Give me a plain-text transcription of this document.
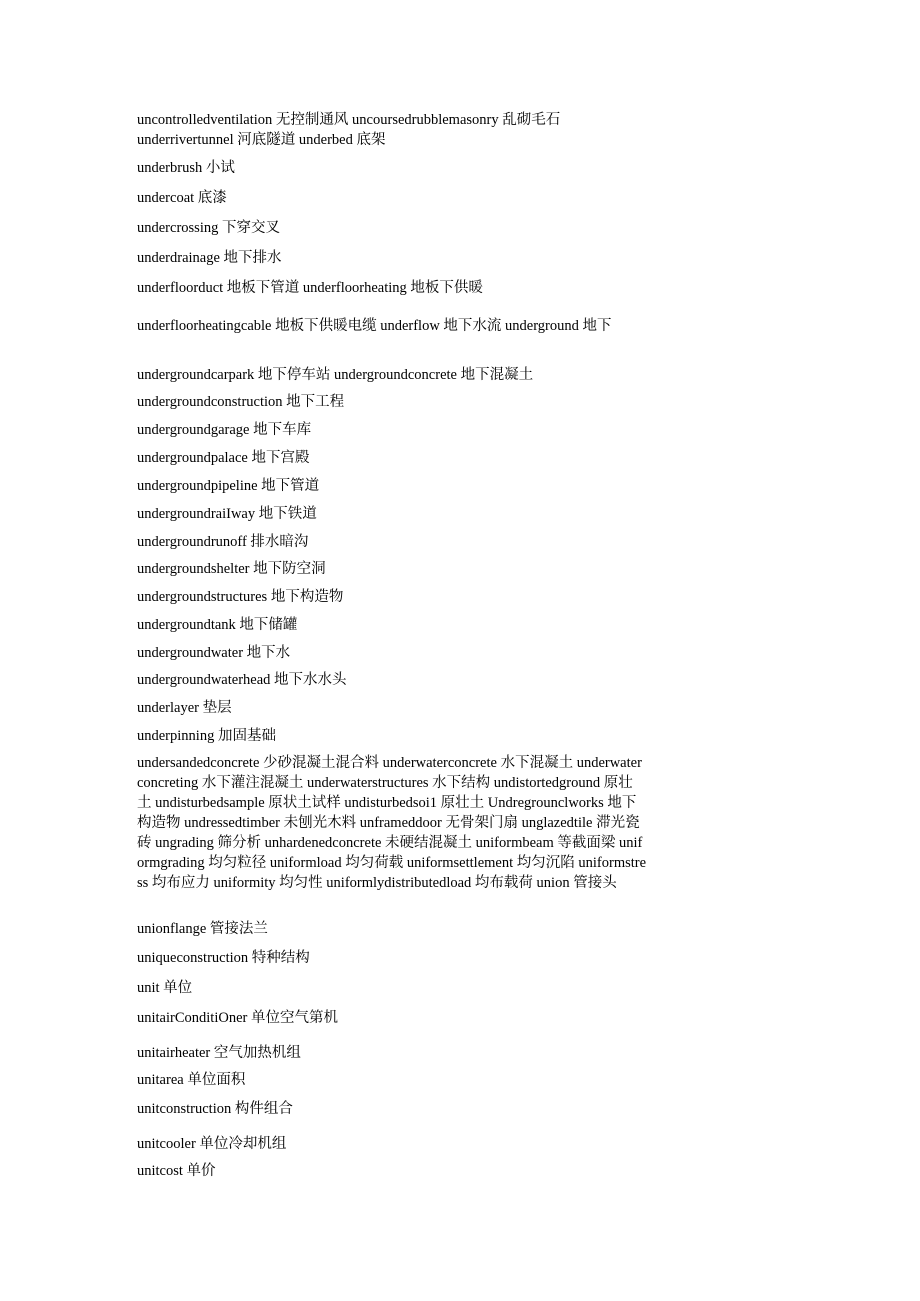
uncontrolledventilation 无控制通风 uncoursedrubblemasonry 乱砌毛石
underrivertunnel 河底隧道 underbed 底架
underbrush 小试
undercoat 底漆
undercrossing 下穿交叉
underdrainage 地下排水
underfloorduct 地板下管道 underfloorheating 地板下供暖
underfloorheatingcable 地板下供暖电缆 underflow 地下水流 underground 地下
undergroundcarpark 地下停车站 undergroundconcrete 地下混凝土
undergroundconstruction 地下工程
undergroundgarage 地下车库
undergroundpalace 地下宫殿
undergroundpipeline 地下管道
undergroundraiIway 地下铁道
undergroundrunoff 排水暗沟
undergroundshelter 地下防空洞
undergroundstructures 地下构造物
undergroundtank 地下储罐
undergroundwater 地下水
undergroundwaterhead 地下水水头
underlayer 垫层
underpinning 加固基础
undersandedconcrete 少砂混凝土混合料 underwaterconcrete 水下混凝土 underwaterconcreting 水下灌注混凝土 underwaterstructures 水下结构 undistortedground 原壮土 undisturbedsample 原状土试样 undisturbedsoi1 原壮土 Undregrounclworks 地下构造物 undressedtimber 未刨光木料 unframeddoor 无骨架门扇 unglazedtile 滞光瓷砖 ungrading 筛分析 unhardenedconcrete 未硬结混凝土 uniformbeam 等截面梁 uniformgrading 均匀粒径 uniformload 均匀荷载 uniformsettlement 均匀沉陷 uniformstress 均布应力 uniformity 均匀性 uniformlydistributedload 均布载荷 union 管接头
unionflange 管接法兰
uniqueconstruction 特种结构
unit 单位
unitairConditiOner 单位空气第机
unitairheater 空气加热机组
unitarea 单位面积
unitconstruction 构件组合
unitcooler 单位冷却机组
unitcost 单价
